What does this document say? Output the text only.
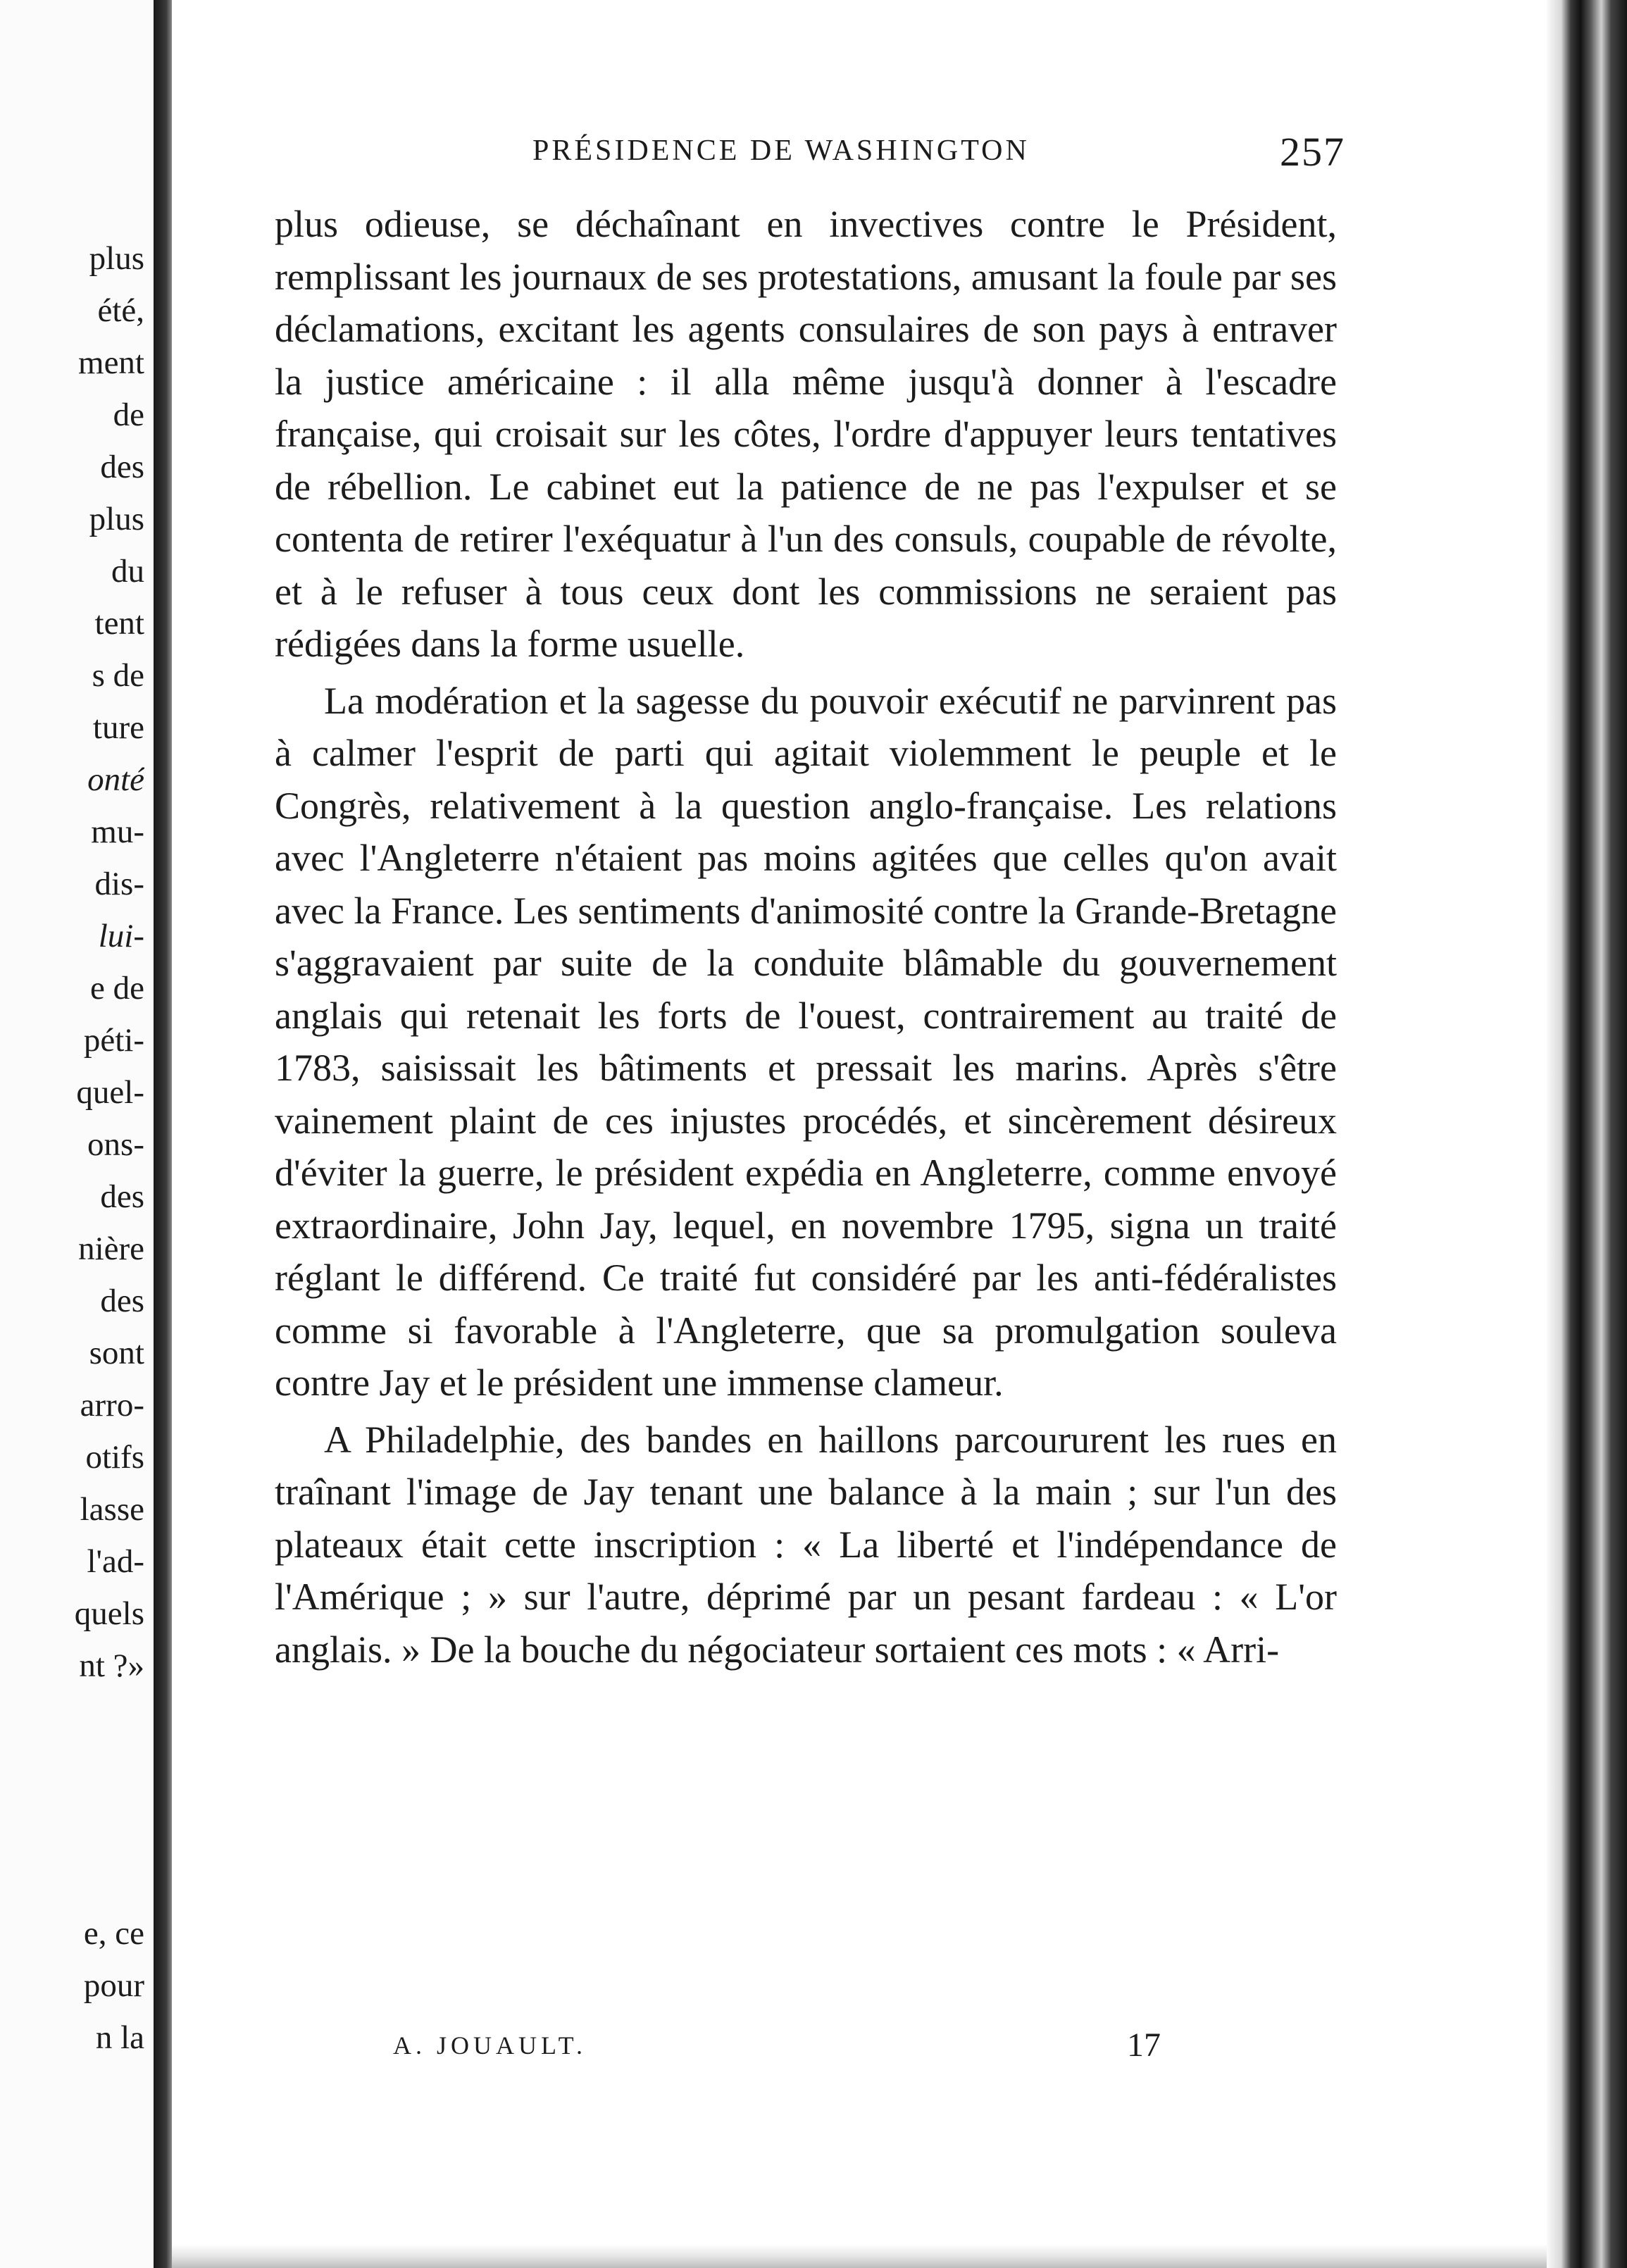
plus
été,
ment
de
des
plus
du
tent
s de
ture
onté
mu-
dis-
lui-
e de
péti-
quel-
ons-
des
nière
des
sont
arro-
otifs
lasse
l'ad-
quels
nt ?»
e, ce
pour
n la
PRÉSIDENCE DE WASHINGTON	257

plus odieuse, se déchaînant en invectives contre le Président, remplissant les journaux de ses protestations, amusant la foule par ses déclamations, excitant les agents consulaires de son pays à entraver la justice américaine : il alla même jusqu'à donner à l'escadre française, qui croisait sur les côtes, l'ordre d'appuyer leurs tentatives de rébellion. Le cabinet eut la patience de ne pas l'expulser et se contenta de retirer l'exéquatur à l'un des consuls, coupable de révolte, et à le refuser à tous ceux dont les commissions ne seraient pas rédigées dans la forme usuelle.

La modération et la sagesse du pouvoir exécutif ne parvinrent pas à calmer l'esprit de parti qui agitait violemment le peuple et le Congrès, relativement à la question anglo-française. Les relations avec l'Angleterre n'étaient pas moins agitées que celles qu'on avait avec la France. Les sentiments d'animosité contre la Grande-Bretagne s'aggravaient par suite de la conduite blâmable du gouvernement anglais qui retenait les forts de l'ouest, contrairement au traité de 1783, saisissait les bâtiments et pressait les marins. Après s'être vainement plaint de ces injustes procédés, et sincèrement désireux d'éviter la guerre, le président expédia en Angleterre, comme envoyé extraordinaire, John Jay, lequel, en novembre 1795, signa un traité réglant le différend. Ce traité fut considéré par les anti-fédéralistes comme si favorable à l'Angleterre, que sa promulgation souleva contre Jay et le président une immense clameur.

A Philadelphie, des bandes en haillons parcoururent les rues en traînant l'image de Jay tenant une balance à la main ; sur l'un des plateaux était cette inscription : « La liberté et l'indépendance de l'Amérique ; » sur l'autre, déprimé par un pesant fardeau : « L'or anglais. » De la bouche du négociateur sortaient ces mots : « Arri-

A. JOUAULT.	17
